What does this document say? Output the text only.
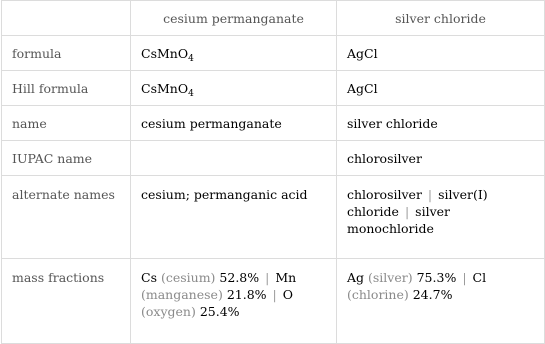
	cesium permanganate	silver chloride
formula	CsMnO$_4$	AgCl
Hill formula	CsMnO$_4$	AgCl
name	cesium permanganate	silver chloride
IUPAC name		chlorosilver
alternate names	cesium; permanganic acid	chlorosilver | silver(I) chloride | silver monochloride
mass fractions	Cs (cesium) 52.8% | Mn (manganese) 21.8% | O (oxygen) 25.4%	Ag (silver) 75.3% | Cl (chlorine) 24.7%
